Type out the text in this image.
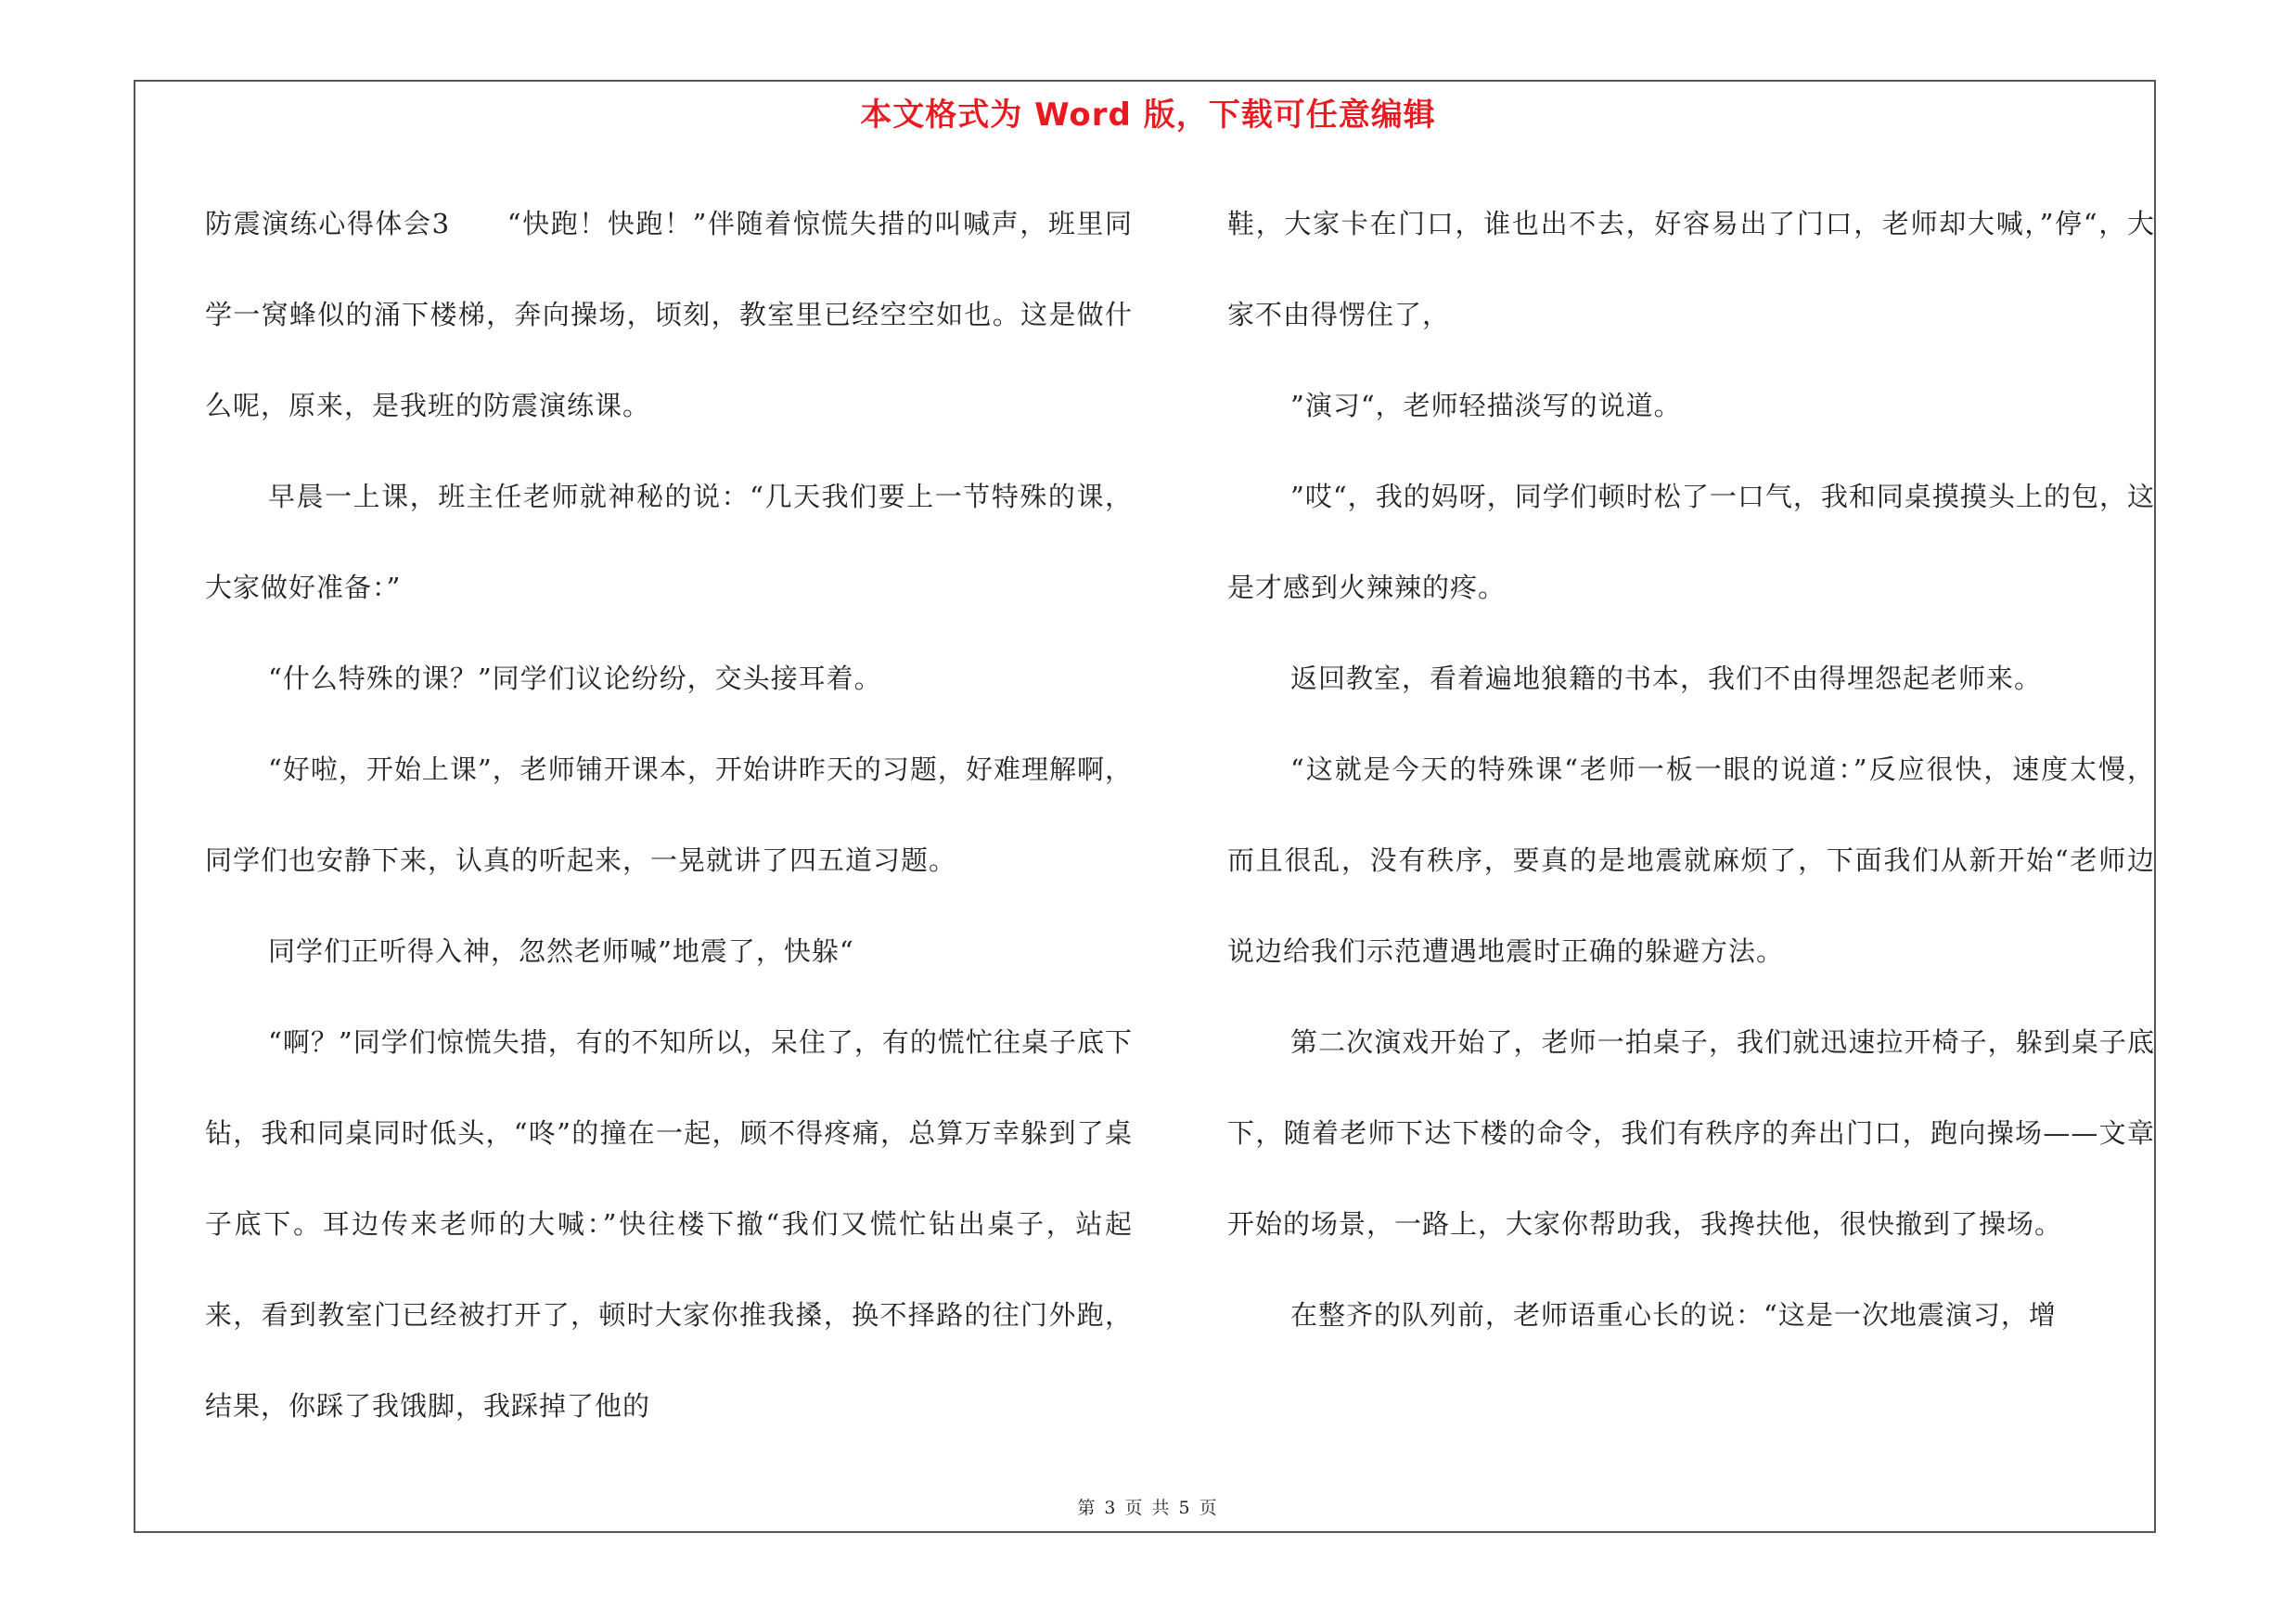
本文格式为 Word 版，下载可任意编辑

防震演练心得体会3　　“快跑！快跑！”伴随着惊慌失措的叫喊声，班里同学一窝蜂似的涌下楼梯，奔向操场，顷刻，教室里已经空空如也。这是做什么呢，原来，是我班的防震演练课。

早晨一上课，班主任老师就神秘的说：“几天我们要上一节特殊的课，大家做好准备：”

“什么特殊的课？”同学们议论纷纷，交头接耳着。

“好啦，开始上课”，老师铺开课本，开始讲昨天的习题，好难理解啊，同学们也安静下来，认真的听起来，一晃就讲了四五道习题。

同学们正听得入神，忽然老师喊”地震了，快躲“

“啊？”同学们惊慌失措，有的不知所以，呆住了，有的慌忙往桌子底下钻，我和同桌同时低头，“咚”的撞在一起，顾不得疼痛，总算万幸躲到了桌子底下。耳边传来老师的大喊：”快往楼下撤“我们又慌忙钻出桌子，站起来，看到教室门已经被打开了，顿时大家你推我搡，换不择路的往门外跑，结果，你踩了我饿脚，我踩掉了他的

鞋，大家卡在门口，谁也出不去，好容易出了门口，老师却大喊，”停“，大家不由得愣住了，

”演习“，老师轻描淡写的说道。

”哎“，我的妈呀，同学们顿时松了一口气，我和同桌摸摸头上的包，这是才感到火辣辣的疼。

返回教室，看着遍地狼籍的书本，我们不由得埋怨起老师来。

“这就是今天的特殊课“老师一板一眼的说道：”反应很快，速度太慢，而且很乱，没有秩序，要真的是地震就麻烦了，下面我们从新开始“老师边说边给我们示范遭遇地震时正确的躲避方法。

第二次演戏开始了，老师一拍桌子，我们就迅速拉开椅子，躲到桌子底下，随着老师下达下楼的命令，我们有秩序的奔出门口，跑向操场——文章开始的场景，一路上，大家你帮助我，我搀扶他，很快撤到了操场。

在整齐的队列前，老师语重心长的说：“这是一次地震演习，增

第 3 页 共 5 页
